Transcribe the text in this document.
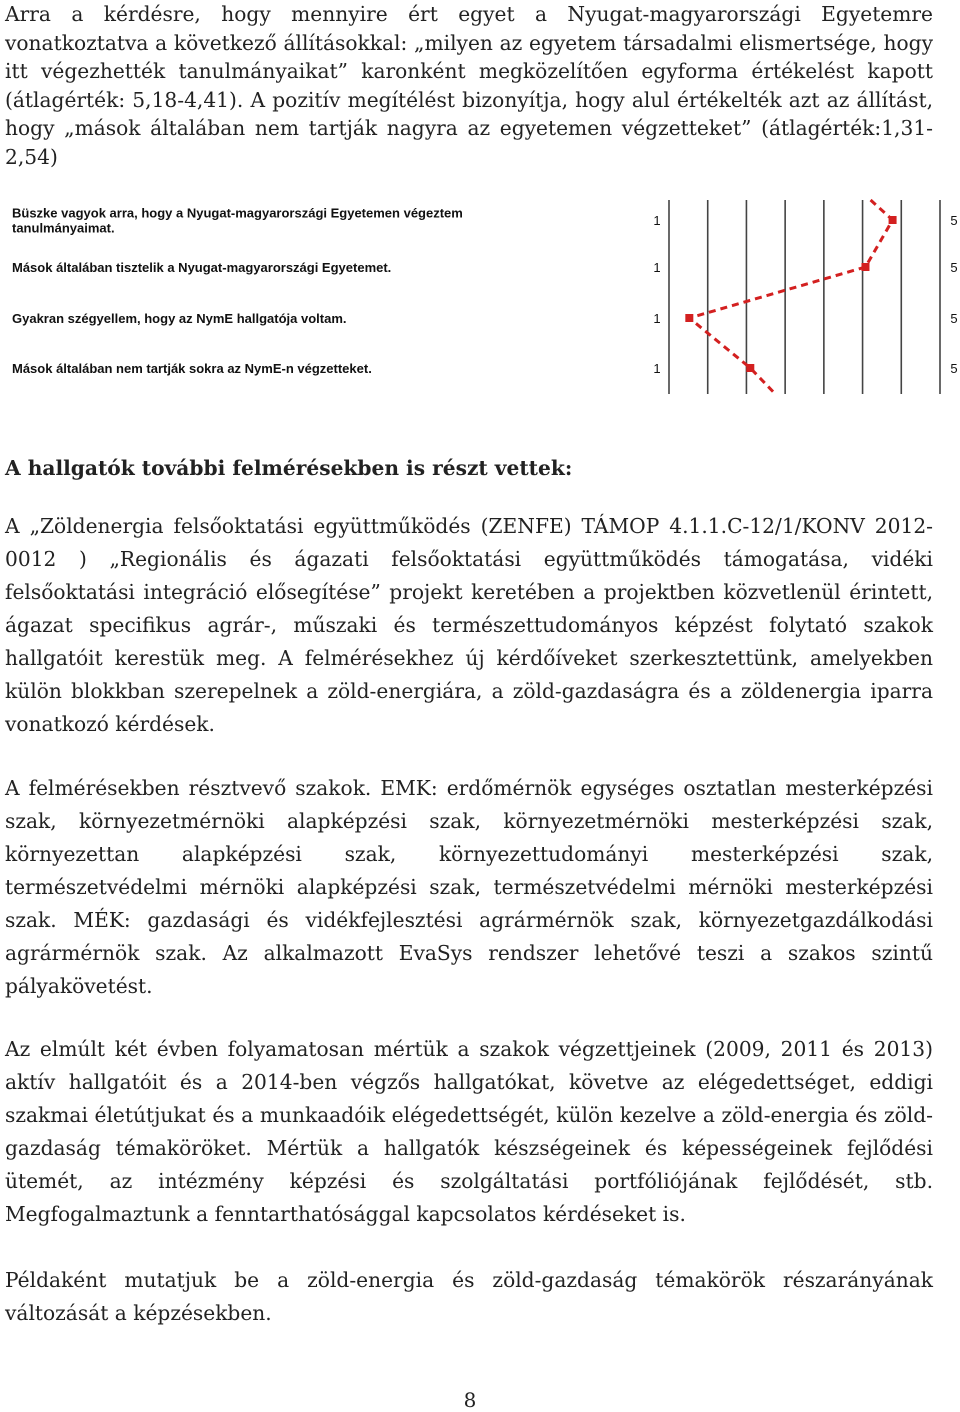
Arra a kérdésre, hogy mennyire ért egyet a Nyugat-magyarországi Egyetemre vonatkoztatva a következő állításokkal: „milyen az egyetem társadalmi elismertsége, hogy itt végezhették tanulmányaikat” karonként megközelítően egyforma értékelést kapott (átlagérték: 5,18-4,41). A pozitív megítélést bizonyítja, hogy alul értékelték azt az állítást, hogy „mások általában nem tartják nagyra az egyetemen végzetteket” (átlagérték:1,31-2,54)

Büszke vagyok arra, hogy a Nyugat-magyarországi Egyetemen végeztem
tanulmányaimat.	1	5
Mások általában tisztelik a Nyugat-magyarországi Egyetemet.	1	5
Gyakran szégyellem, hogy az NymE hallgatója voltam.	1	5
Mások általában nem tartják sokra az NymE-n végzetteket.	1	5

A hallgatók további felmérésekben is részt vettek:

A „Zöldenergia felsőoktatási együttműködés (ZENFE) TÁMOP 4.1.1.C-12/1/KONV 2012-0012 ) „Regionális és ágazati felsőoktatási együttműködés támogatása, vidéki felsőoktatási integráció elősegítése” projekt keretében a projektben közvetlenül érintett, ágazat specifikus agrár-, műszaki és természettudományos képzést folytató szakok hallgatóit kerestük meg. A felmérésekhez új kérdőíveket szerkesztettünk, amelyekben külön blokkban szerepelnek a zöld-energiára, a zöld-gazdaságra és a zöldenergia iparra vonatkozó kérdések.

A felmérésekben résztvevő szakok. EMK: erdőmérnök egységes osztatlan mesterképzési szak, környezetmérnöki alapképzési szak, környezetmérnöki mesterképzési szak, környezettan alapképzési szak, környezettudományi mesterképzési szak, természetvédelmi mérnöki alapképzési szak, természetvédelmi mérnöki mesterképzési szak. MÉK: gazdasági és vidékfejlesztési agrármérnök szak, környezetgazdálkodási agrármérnök szak. Az alkalmazott EvaSys rendszer lehetővé teszi a szakos szintű pályakövetést.

Az elmúlt két évben folyamatosan mértük a szakok végzettjeinek (2009, 2011 és 2013) aktív hallgatóit és a 2014-ben végzős hallgatókat, követve az elégedettséget, eddigi szakmai életútjukat és a munkaadóik elégedettségét, külön kezelve a zöld-energia és zöld-gazdaság témaköröket. Mértük a hallgatók készségeinek és képességeinek fejlődési ütemét, az intézmény képzési és szolgáltatási portfóliójának fejlődését, stb. Megfogalmaztunk a fenntarthatósággal kapcsolatos kérdéseket is.

Példaként mutatjuk be a zöld-energia és zöld-gazdaság témakörök részarányának változását a képzésekben.

8
